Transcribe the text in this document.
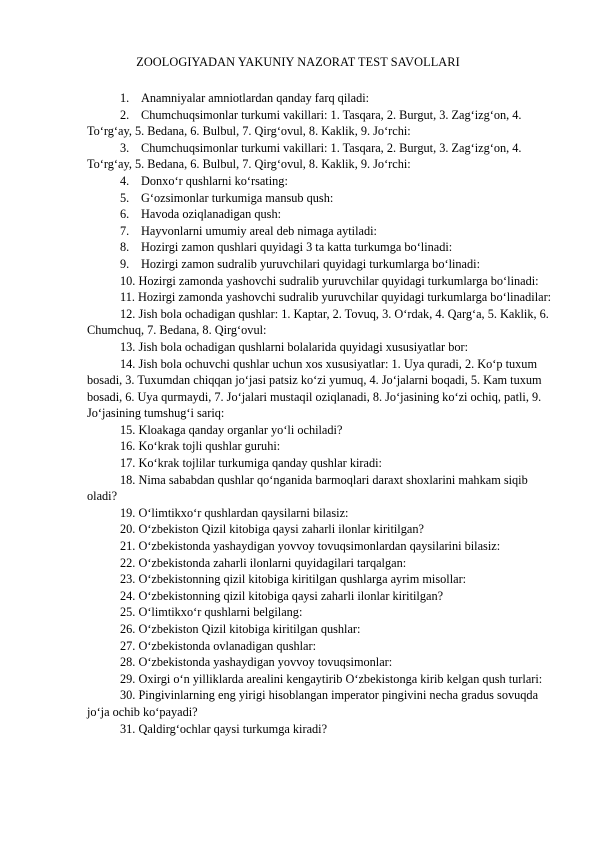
ZOOLOGIYADAN YAKUNIY NAZORAT TEST SAVOLLARI
1. Anamniyalar amniotlardan qanday farq qiladi:
2. Chumchuqsimonlar turkumi vakillari: 1. Tasqara, 2. Burgut, 3. Zag‘izg‘on, 4. To‘rg‘ay, 5. Bedana, 6. Bulbul, 7. Qirg‘ovul, 8. Kaklik, 9. Jo‘rchi:
3. Chumchuqsimonlar turkumi vakillari: 1. Tasqara, 2. Burgut, 3. Zag‘izg‘on, 4. To‘rg‘ay, 5. Bedana, 6. Bulbul, 7. Qirg‘ovul, 8. Kaklik, 9. Jo‘rchi:
4. Donxo‘r qushlarni ko‘rsating:
5. G‘ozsimonlar turkumiga mansub qush:
6. Havoda oziqlanadigan qush:
7. Hayvonlarni umumiy areal deb nimaga aytiladi:
8. Hozirgi zamon qushlari quyidagi 3 ta katta turkumga bo‘linadi:
9. Hozirgi zamon sudralib yuruvchilari quyidagi turkumlarga bo‘linadi:
10. Hozirgi zamonda yashovchi sudralib yuruvchilar quyidagi turkumlarga bo‘linadi:
11. Hozirgi zamonda yashovchi sudralib yuruvchilar quyidagi turkumlarga bo‘linadilar:
12. Jish bola ochadigan qushlar: 1. Kaptar, 2. Tovuq, 3. O‘rdak, 4. Qarg‘a, 5. Kaklik, 6. Chumchuq, 7. Bedana, 8. Qirg‘ovul:
13. Jish bola ochadigan qushlarni bolalarida quyidagi xususiyatlar bor:
14. Jish bola ochuvchi qushlar uchun xos xususiyatlar: 1. Uya quradi, 2. Ko‘p tuxum bosadi, 3. Tuxumdan chiqqan jo‘jasi patsiz ko‘zi yumuq, 4. Jo‘jalarni boqadi, 5. Kam tuxum bosadi, 6. Uya qurmaydi, 7. Jo‘jalari mustaqil oziqlanadi, 8. Jo‘jasining ko‘zi ochiq, patli, 9. Jo‘jasining tumshug‘i sariq:
15. Kloakaga qanday organlar yo‘li ochiladi?
16. Ko‘krak tojli qushlar guruhi:
17. Ko‘krak tojlilar turkumiga qanday qushlar kiradi:
18. Nima sababdan qushlar qo‘nganida barmoqlari daraxt shoxlarini mahkam siqib oladi?
19. O‘limtikxo‘r qushlardan qaysilarni bilasiz:
20. O‘zbekiston Qizil kitobiga qaysi zaharli ilonlar kiritilgan?
21. O‘zbekistonda yashaydigan yovvoy tovuqsimonlardan qaysilarini bilasiz:
22. O‘zbekistonda zaharli ilonlarni quyidagilari tarqalgan:
23. O‘zbekistonning qizil kitobiga kiritilgan qushlarga ayrim misollar:
24. O‘zbekistonning qizil kitobiga qaysi zaharli ilonlar kiritilgan?
25. O‘limtikxo‘r qushlarni belgilang:
26. O‘zbekiston Qizil kitobiga kiritilgan qushlar:
27. O‘zbekistonda ovlanadigan qushlar:
28. O‘zbekistonda yashaydigan yovvoy tovuqsimonlar:
29. Oxirgi o‘n yilliklarda arealini kengaytirib O‘zbekistonga kirib kelgan qush turlari:
30. Pingivinlarning eng yirigi hisoblangan imperator pingivini necha gradus sovuqda jo‘ja ochib ko‘payadi?
31. Qaldirg‘ochlar qaysi turkumga kiradi?
